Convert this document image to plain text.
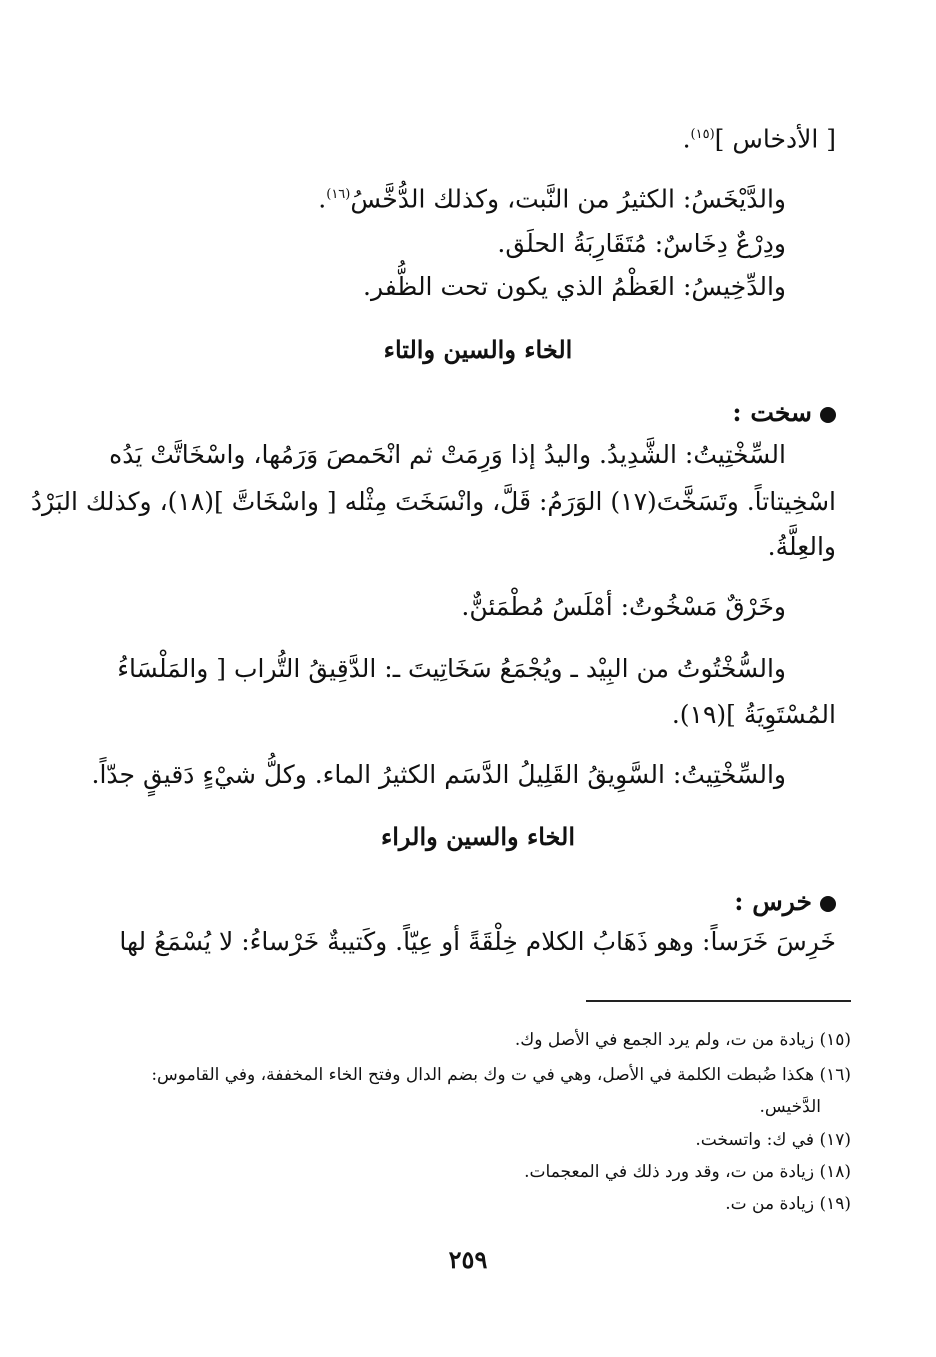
[ الأدخاس ]$^{(١٥)}$.
والدَّيْخَسُ: الكثيرُ من النَّبت، وكذلك الدُّخَّسُ$^{(١٦)}$.
ودِرْعٌ دِخَاسٌ: مُتَقَارِبَةُ الحلَق.
والدِّخِيسُ: العَظْمُ الذي يكون تحت الظُّفر.
الخاء والسين والتاء
سخت :
السِّخْتِيتُ: الشَّدِيدُ. واليدُ إذا وَرِمَتْ ثم انْحَمصَ وَرَمُها، واسْخَاتَّتْ يَدُه
اسْخِيتاتاً. وتَسَخَّتَ(١٧) الوَرَمُ: قَلَّ، وانْسَخَتَ مِثْله [ واسْخَاتَّ ](١٨)، وكذلك البَرْدُ
والعِلَّةُ.
وخَرْقٌ مَسْخُوتٌ: أمْلَسُ مُطْمَئنٌّ.
والسُّخْتُوتُ من البِيْد ـ ويُجْمَعُ سَخَاتِيتَ ـ: الدَّقِيقُ التُّراب [ والمَلْسَاءُ
المُسْتَوِيَةُ ](١٩).
والسِّخْتِيتُ: السَّوِيقُ القَلِيلُ الدَّسَم الكثيرُ الماء. وكلُّ شيْءٍ دَقيقٍ جدّاً.
الخاء والسين والراء
خرس :
خَرِسَ خَرَساً: وهو ذَهَابُ الكلام خِلْقَةً أو عِيّاً. وكَتيبةٌ خَرْساءُ: لا يُسْمَعُ لها
(١٥) زيادة من ت، ولم يرد الجمع في الأصل وك.
(١٦) هكذا ضُبطت الكلمة في الأصل، وهي في ت وك بضم الدال وفتح الخاء المخففة، وفي القاموس:
الدَّخيس.
(١٧) في ك: واتسخت.
(١٨) زيادة من ت، وقد ورد ذلك في المعجمات.
(١٩) زيادة من ت.
٢٥٩
